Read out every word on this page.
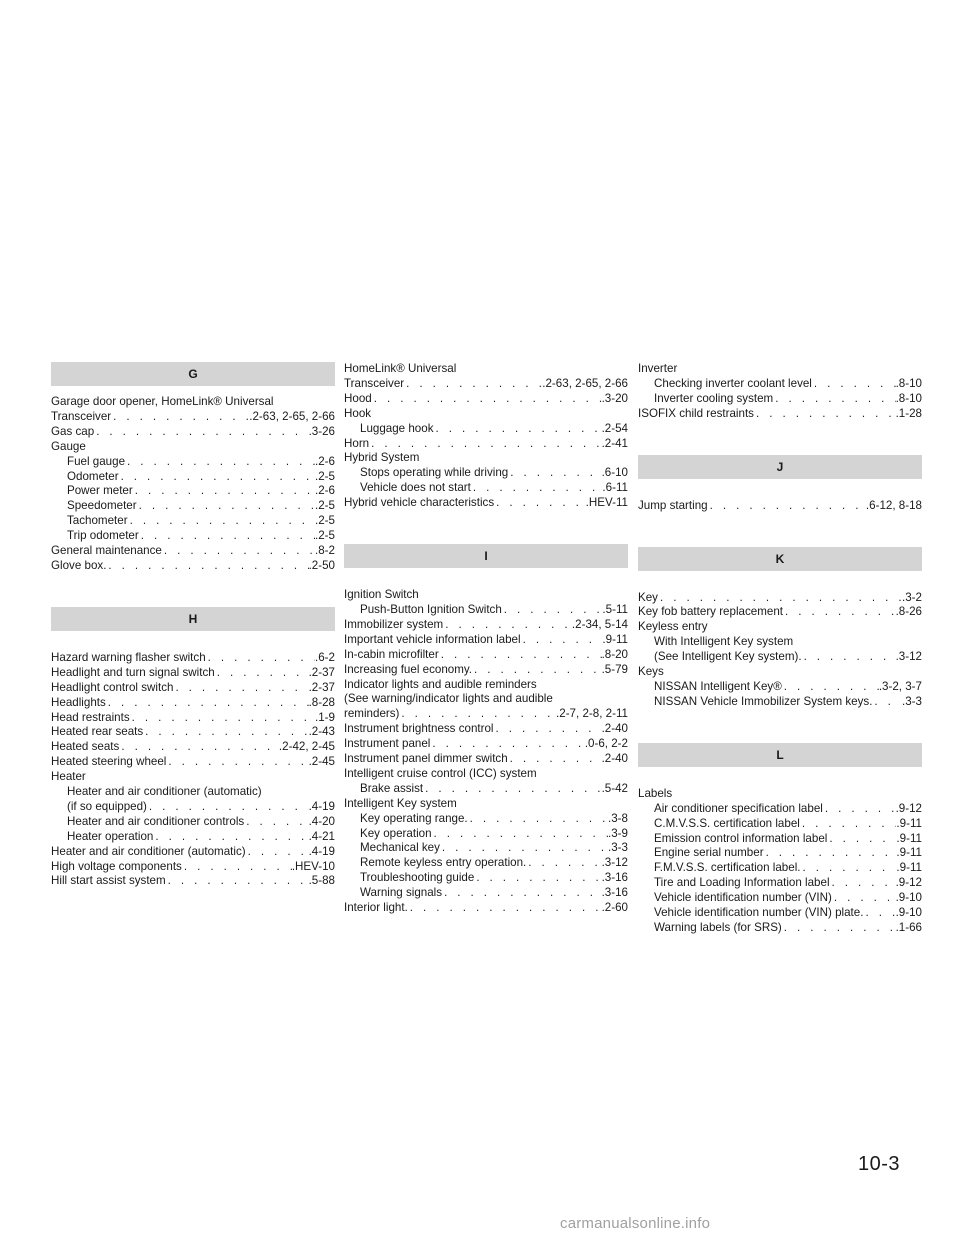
G
Garage door opener, HomeLink® Universal
Transceiver . . .	.2-63, 2-65, 2-66
Gas cap . . .	.3-26
Gauge
Fuel gauge . . .	.2-6
Odometer . . .	.2-5
Power meter . . .	.2-6
Speedometer . . .	.2-5
Tachometer . . .	.2-5
Trip odometer . . .	.2-5
General maintenance . . .	.8-2
Glove box. . . .	.2-50
H
Hazard warning flasher switch . . .	.6-2
Headlight and turn signal switch . . .	.2-37
Headlight control switch . . .	.2-37
Headlights . . .	.8-28
Head restraints . . .	.1-9
Heated rear seats . . .	.2-43
Heated seats . . .	.2-42, 2-45
Heated steering wheel . . .	.2-45
Heater
Heater and air conditioner (automatic)
(if so equipped) . . .	.4-19
Heater and air conditioner controls . . .	.4-20
Heater operation . . .	.4-21
Heater and air conditioner (automatic) . . .	.4-19
High voltage components . . .	.HEV-10
Hill start assist system . . .	.5-88
HomeLink® Universal
Transceiver . . .	.2-63, 2-65, 2-66
Hood . . .	.3-20
Hook
Luggage hook . . .	.2-54
Horn . . .	.2-41
Hybrid System
Stops operating while driving . . .	.6-10
Vehicle does not start . . .	.6-11
Hybrid vehicle characteristics . . .	.HEV-11
I
Ignition Switch
Push-Button Ignition Switch . . .	.5-11
Immobilizer system . . .	.2-34, 5-14
Important vehicle information label . . .	.9-11
In-cabin microfilter . . .	.8-20
Increasing fuel economy. . . .	.5-79
Indicator lights and audible reminders
(See warning/indicator lights and audible
reminders) . . .	.2-7, 2-8, 2-11
Instrument brightness control . . .	.2-40
Instrument panel . . .	.0-6, 2-2
Instrument panel dimmer switch . . .	.2-40
Intelligent cruise control (ICC) system
Brake assist . . .	.5-42
Intelligent Key system
Key operating range. . . .	.3-8
Key operation . . .	.3-9
Mechanical key . . .	.3-3
Remote keyless entry operation. . . .	.3-12
Troubleshooting guide . . .	.3-16
Warning signals . . .	.3-16
Interior light. . . .	.2-60
Inverter
Checking inverter coolant level . . .	.8-10
Inverter cooling system . . .	.8-10
ISOFIX child restraints . . .	.1-28
J
Jump starting . . .	.6-12, 8-18
K
Key . . .	.3-2
Key fob battery replacement . . .	.8-26
Keyless entry
With Intelligent Key system
(See Intelligent Key system). . . .	.3-12
Keys
NISSAN Intelligent Key® . . .	.3-2, 3-7
NISSAN Vehicle Immobilizer System keys. . . .	.3-3
L
Labels
Air conditioner specification label . . .	.9-12
C.M.V.S.S. certification label . . .	.9-11
Emission control information label . . .	.9-11
Engine serial number . . .	.9-11
F.M.V.S.S. certification label. . . .	.9-11
Tire and Loading Information label . . .	.9-12
Vehicle identification number (VIN) . . .	.9-10
Vehicle identification number (VIN) plate. . . .	.9-10
Warning labels (for SRS) . . .	.1-66
10-3
carmanualsonline.info
